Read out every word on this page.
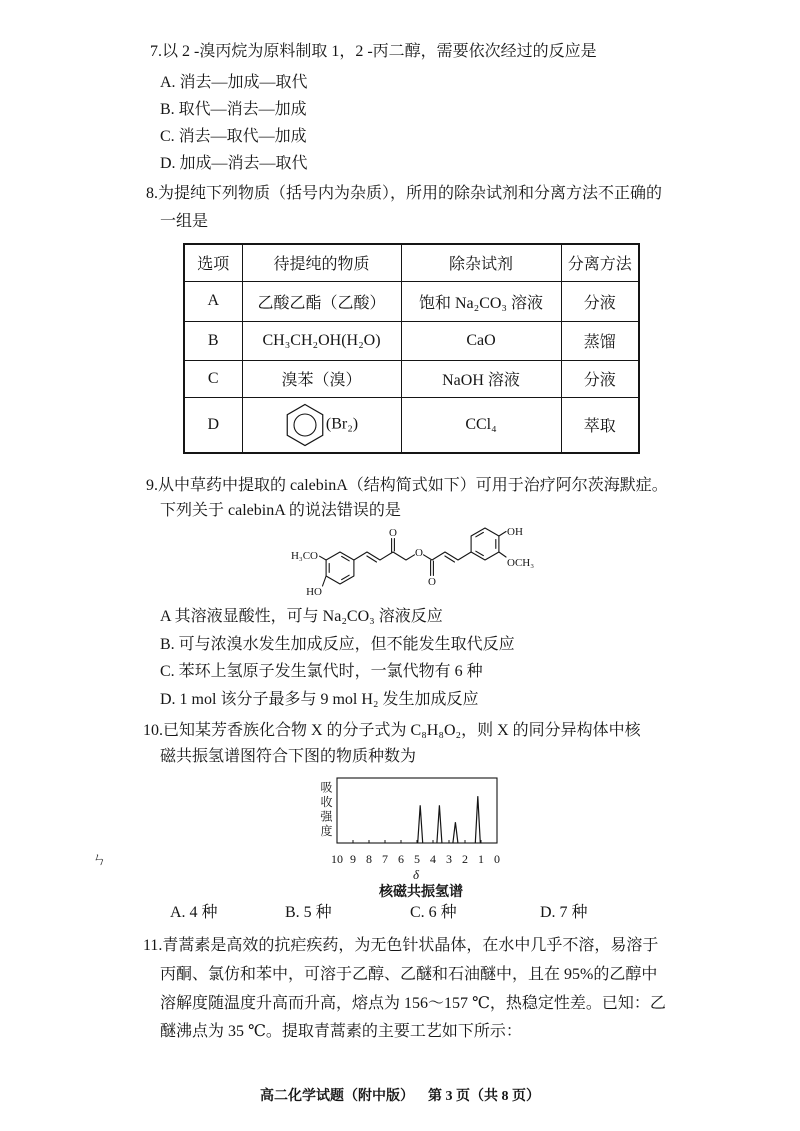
7.以 2 -溴丙烷为原料制取 1，2 -丙二醇，需要依次经过的反应是
A. 消去—加成—取代
B. 取代—消去—加成
C. 消去—取代—加成
D. 加成—消去—取代
8.为提纯下列物质（括号内为杂质），所用的除杂试剂和分离方法不正确的
一组是
选项	待提纯的物质	除杂试剂	分离方法
A	乙酸乙酯（乙酸）	饱和 Na₂CO₃ 溶液	分液
B	CH₃CH₂OH(H₂O)	CaO	蒸馏
C	溴苯（溴）	NaOH 溶液	分液
D	(Br₂)	CCl₄	萃取
9.从中草药中提取的 calebinA（结构简式如下）可用于治疗阿尔茨海默症。
下列关于 calebinA 的说法错误的是
H₃CO
HO
O
O
O
OH
OCH₃
A 其溶液显酸性，可与 Na₂CO₃ 溶液反应
B. 可与浓溴水发生加成反应，但不能发生取代反应
C. 苯环上氢原子发生氯代时，一氯代物有 6 种
D. 1 mol 该分子最多与 9 mol H₂ 发生加成反应
10.已知某芳香族化合物 X 的分子式为 C₈H₈O₂，则 X 的同分异构体中核
磁共振氢谱图符合下图的物质种数为
吸收强度
10 9 8 7 6 5 4 3 2 1 0
δ
核磁共振氢谱
ㄣ
A. 4 种	B. 5 种	C. 6 种	D. 7 种
11.青蒿素是高效的抗疟疾药，为无色针状晶体，在水中几乎不溶，易溶于
丙酮、氯仿和苯中，可溶于乙醇、乙醚和石油醚中，且在 95%的乙醇中
溶解度随温度升高而升高，熔点为 156～157 ℃，热稳定性差。已知：乙
醚沸点为 35 ℃。提取青蒿素的主要工艺如下所示：
高二化学试题（附中版） 第 3 页（共 8 页）
